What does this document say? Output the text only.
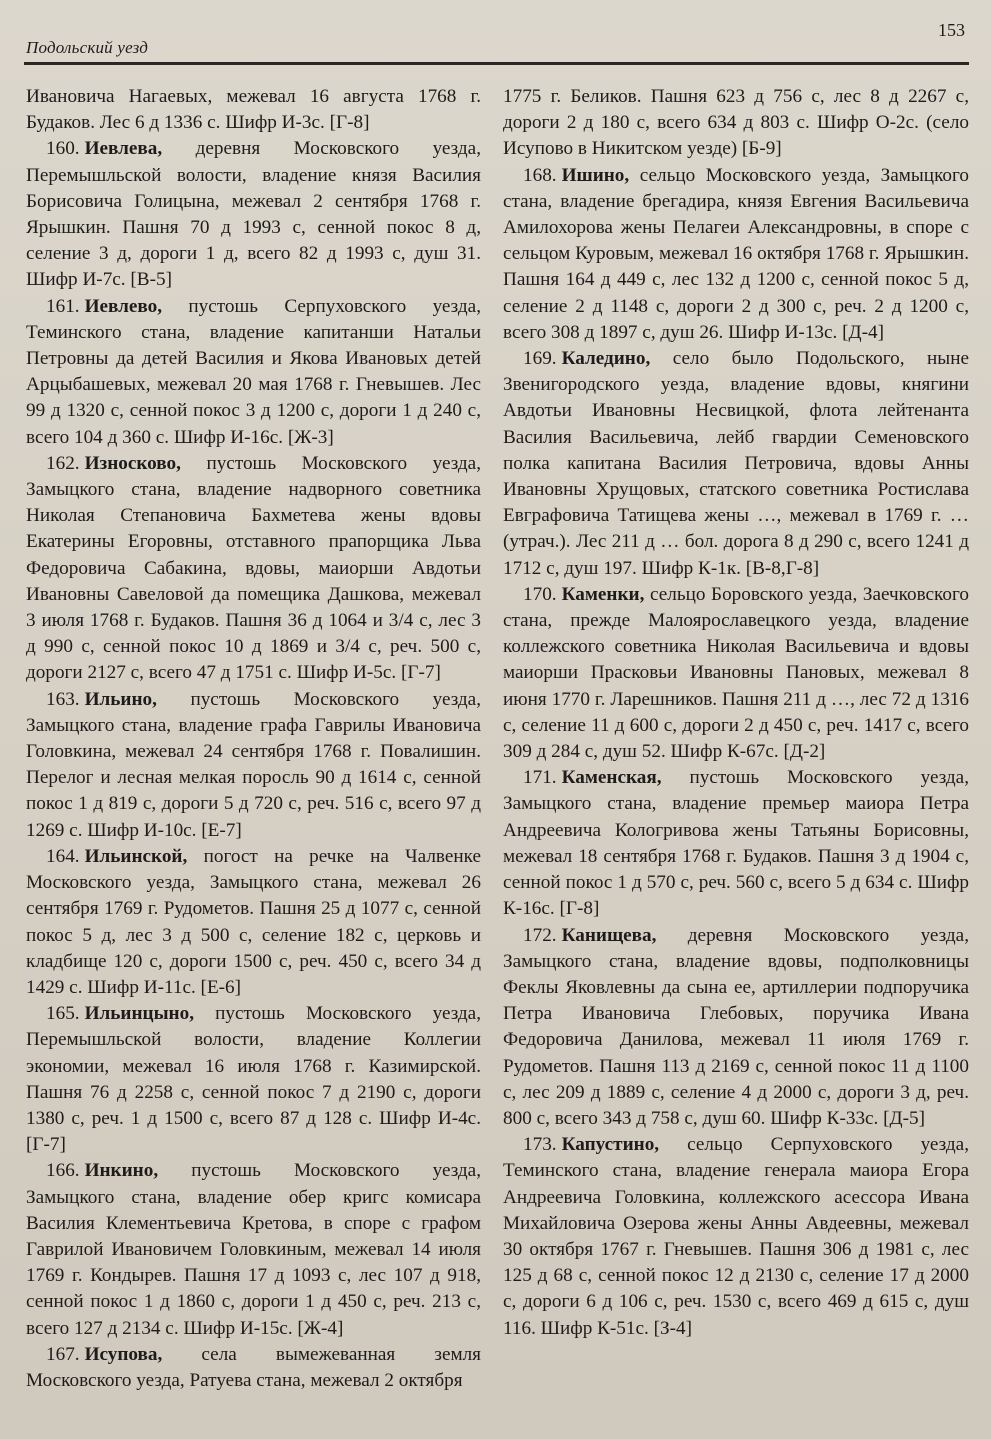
Подольский уезд
153

Ивановича Нагаевых, межевал 16 августа 1768 г. Будаков. Лес 6 д 1336 с. Шифр И-3с. [Г-8]

160. Иевлева, деревня Московского уезда, Перемышльской волости, владение князя Василия Борисовича Голицына, межевал 2 сентября 1768 г. Ярышкин. Пашня 70 д 1993 с, сенной покос 8 д, селение 3 д, дороги 1 д, всего 82 д 1993 с, душ 31. Шифр И-7с. [В-5]

161. Иевлево, пустошь Серпуховского уезда, Теминского стана, владение капитанши Натальи Петровны да детей Василия и Якова Ивановых детей Арцыбашевых, межевал 20 мая 1768 г. Гневышев. Лес 99 д 1320 с, сенной покос 3 д 1200 с, дороги 1 д 240 с, всего 104 д 360 с. Шифр И-16с. [Ж-3]

162. Износково, пустошь Московского уезда, Замыцкого стана, владение надворного советника Николая Степановича Бахметева жены вдовы Екатерины Егоровны, отставного прапорщика Льва Федоровича Сабакина, вдовы, маиорши Авдотьи Ивановны Савеловой да помещика Дашкова, межевал 3 июля 1768 г. Будаков. Пашня 36 д 1064 и 3/4 с, лес 3 д 990 с, сенной покос 10 д 1869 и 3/4 с, реч. 500 с, дороги 2127 с, всего 47 д 1751 с. Шифр И-5с. [Г-7]

163. Ильино, пустошь Московского уезда, Замыцкого стана, владение графа Гаврилы Ивановича Головкина, межевал 24 сентября 1768 г. Повалишин. Перелог и лесная мелкая поросль 90 д 1614 с, сенной покос 1 д 819 с, дороги 5 д 720 с, реч. 516 с, всего 97 д 1269 с. Шифр И-10с. [Е-7]

164. Ильинской, погост на речке на Чалвенке Московского уезда, Замыцкого стана, межевал 26 сентября 1769 г. Рудометов. Пашня 25 д 1077 с, сенной покос 5 д, лес 3 д 500 с, селение 182 с, церковь и кладбище 120 с, дороги 1500 с, реч. 450 с, всего 34 д 1429 с. Шифр И-11с. [Е-6]

165. Ильинцыно, пустошь Московского уезда, Перемышльской волости, владение Коллегии экономии, межевал 16 июля 1768 г. Казимирской. Пашня 76 д 2258 с, сенной покос 7 д 2190 с, дороги 1380 с, реч. 1 д 1500 с, всего 87 д 128 с. Шифр И-4с. [Г-7]

166. Инкино, пустошь Московского уезда, Замыцкого стана, владение обер кригс комисара Василия Клементьевича Кретова, в споре с графом Гаврилой Ивановичем Головкиным, межевал 14 июля 1769 г. Кондырев. Пашня 17 д 1093 с, лес 107 д 918, сенной покос 1 д 1860 с, дороги 1 д 450 с, реч. 213 с, всего 127 д 2134 с. Шифр И-15с. [Ж-4]

167. Исупова, села вымежеванная земля Московского уезда, Ратуева стана, межевал 2 октября

1775 г. Беликов. Пашня 623 д 756 с, лес 8 д 2267 с, дороги 2 д 180 с, всего 634 д 803 с. Шифр О-2с. (село Исупово в Никитском уезде) [Б-9]

168. Ишино, сельцо Московского уезда, Замыцкого стана, владение брегадира, князя Евгения Васильевича Амилохорова жены Пелагеи Александровны, в споре с сельцом Куровым, межевал 16 октября 1768 г. Ярышкин. Пашня 164 д 449 с, лес 132 д 1200 с, сенной покос 5 д, селение 2 д 1148 с, дороги 2 д 300 с, реч. 2 д 1200 с, всего 308 д 1897 с, душ 26. Шифр И-13с. [Д-4]

169. Каледино, село было Подольского, ныне Звенигородского уезда, владение вдовы, княгини Авдотьи Ивановны Несвицкой, флота лейтенанта Василия Васильевича, лейб гвардии Семеновского полка капитана Василия Петровича, вдовы Анны Ивановны Хрущовых, статского советника Ростислава Евграфовича Татищева жены …, межевал в 1769 г. … (утрач.). Лес 211 д … бол. дорога 8 д 290 с, всего 1241 д 1712 с, душ 197. Шифр К-1к. [В-8,Г-8]

170. Каменки, сельцо Боровского уезда, Заечковского стана, прежде Малоярославецкого уезда, владение коллежского советника Николая Васильевича и вдовы маиорши Прасковьи Ивановны Пановых, межевал 8 июня 1770 г. Ларешников. Пашня 211 д …, лес 72 д 1316 с, селение 11 д 600 с, дороги 2 д 450 с, реч. 1417 с, всего 309 д 284 с, душ 52. Шифр К-67с. [Д-2]

171. Каменская, пустошь Московского уезда, Замыцкого стана, владение премьер маиора Петра Андреевича Кологривова жены Татьяны Борисовны, межевал 18 сентября 1768 г. Будаков. Пашня 3 д 1904 с, сенной покос 1 д 570 с, реч. 560 с, всего 5 д 634 с. Шифр К-16с. [Г-8]

172. Канищева, деревня Московского уезда, Замыцкого стана, владение вдовы, подполковницы Феклы Яковлевны да сына ее, артиллерии подпоручика Петра Ивановича Глебовых, поручика Ивана Федоровича Данилова, межевал 11 июля 1769 г. Рудометов. Пашня 113 д 2169 с, сенной покос 11 д 1100 с, лес 209 д 1889 с, селение 4 д 2000 с, дороги 3 д, реч. 800 с, всего 343 д 758 с, душ 60. Шифр К-33с. [Д-5]

173. Капустино, сельцо Серпуховского уезда, Теминского стана, владение генерала маиора Егора Андреевича Головкина, коллежского асессора Ивана Михайловича Озерова жены Анны Авдеевны, межевал 30 октября 1767 г. Гневышев. Пашня 306 д 1981 с, лес 125 д 68 с, сенной покос 12 д 2130 с, селение 17 д 2000 с, дороги 6 д 106 с, реч. 1530 с, всего 469 д 615 с, душ 116. Шифр К-51с. [З-4]
